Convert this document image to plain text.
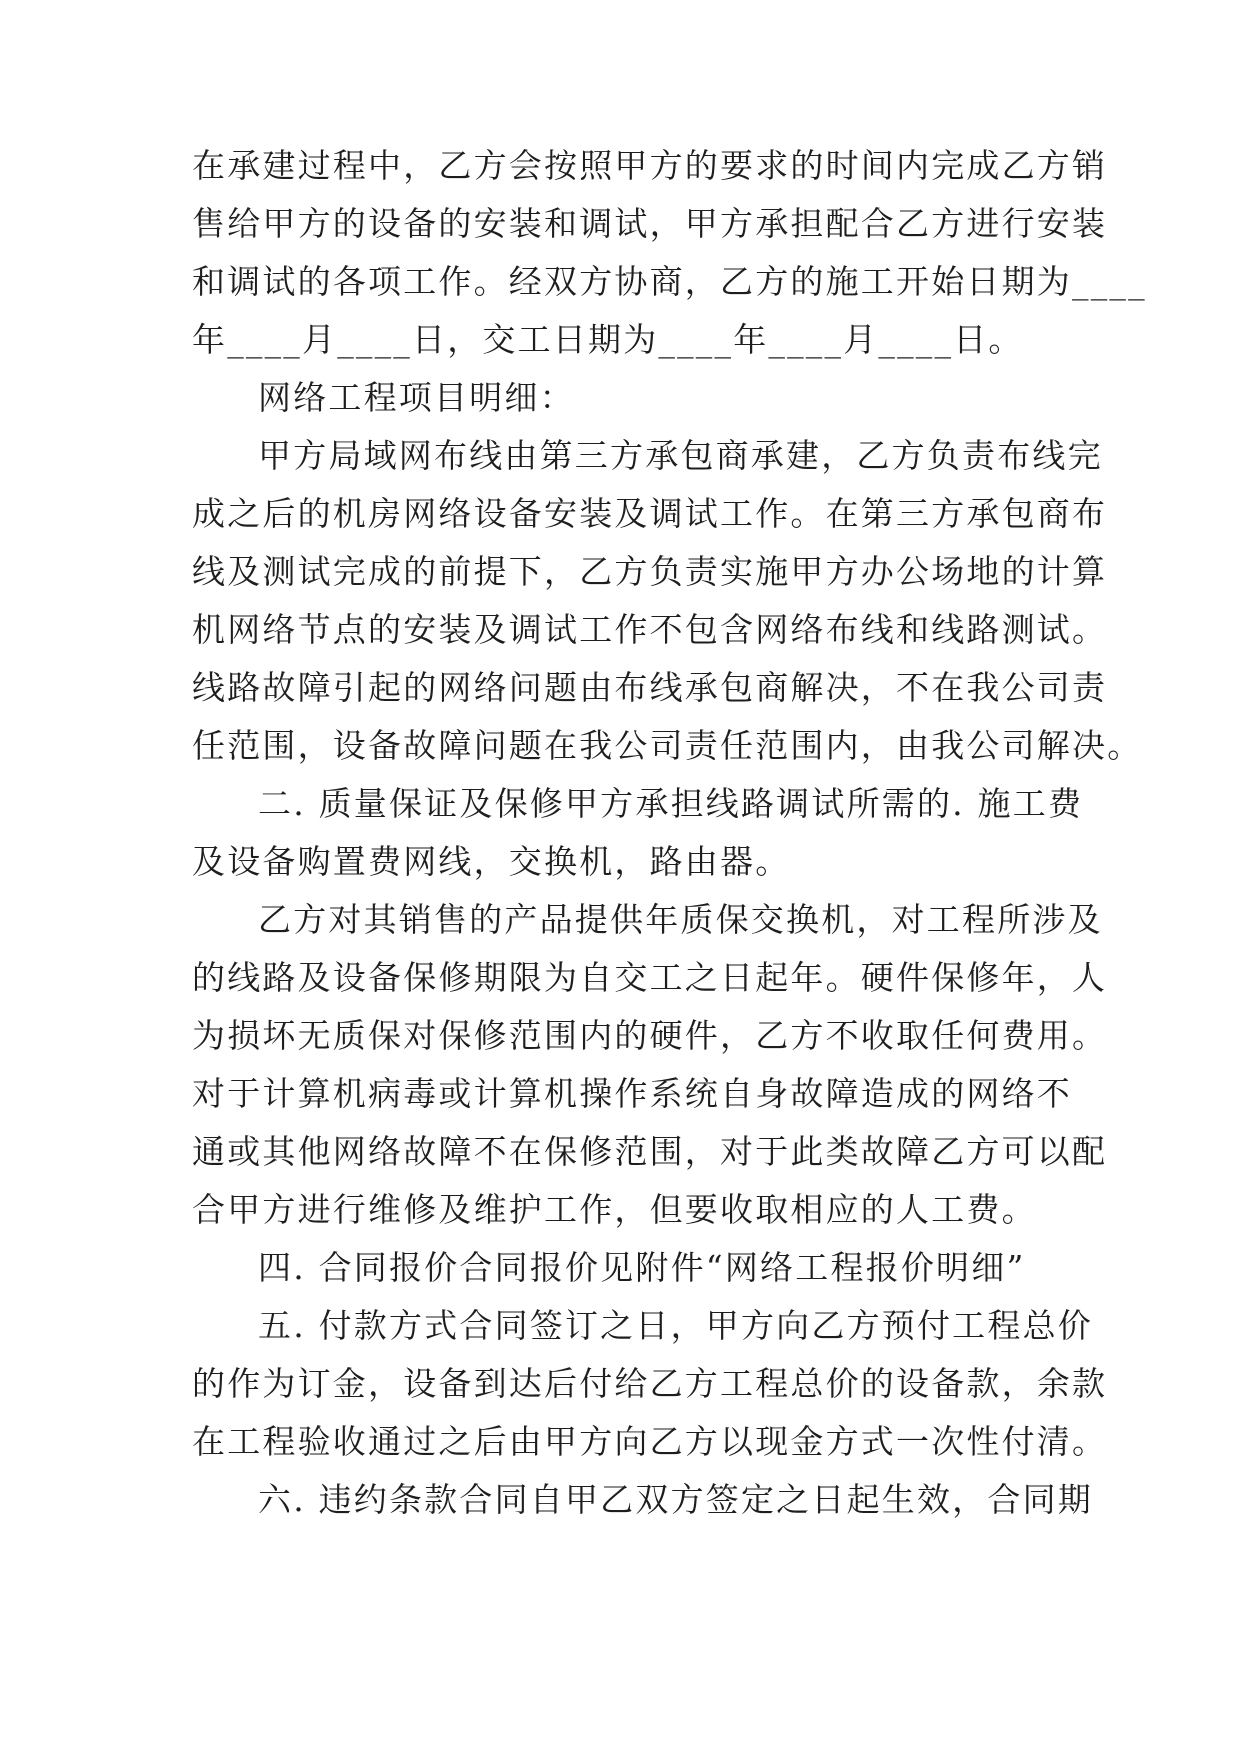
在承建过程中，乙方会按照甲方的要求的时间内完成乙方销
售给甲方的设备的安装和调试，甲方承担配合乙方进行安装
和调试的各项工作。经双方协商，乙方的施工开始日期为____
年____月____日，交工日期为____年____月____日。
网络工程项目明细：
甲方局域网布线由第三方承包商承建，乙方负责布线完
成之后的机房网络设备安装及调试工作。在第三方承包商布
线及测试完成的前提下，乙方负责实施甲方办公场地的计算
机网络节点的安装及调试工作不包含网络布线和线路测试。
线路故障引起的网络问题由布线承包商解决，不在我公司责
任范围，设备故障问题在我公司责任范围内，由我公司解决。
二. 质量保证及保修甲方承担线路调试所需的. 施工费
及设备购置费网线，交换机，路由器。
乙方对其销售的产品提供年质保交换机，对工程所涉及
的线路及设备保修期限为自交工之日起年。硬件保修年，人
为损坏无质保对保修范围内的硬件，乙方不收取任何费用。
对于计算机病毒或计算机操作系统自身故障造成的网络不
通或其他网络故障不在保修范围，对于此类故障乙方可以配
合甲方进行维修及维护工作，但要收取相应的人工费。
四. 合同报价合同报价见附件“网络工程报价明细”
五. 付款方式合同签订之日，甲方向乙方预付工程总价
的作为订金，设备到达后付给乙方工程总价的设备款，余款
在工程验收通过之后由甲方向乙方以现金方式一次性付清。
六. 违约条款合同自甲乙双方签定之日起生效，合同期
